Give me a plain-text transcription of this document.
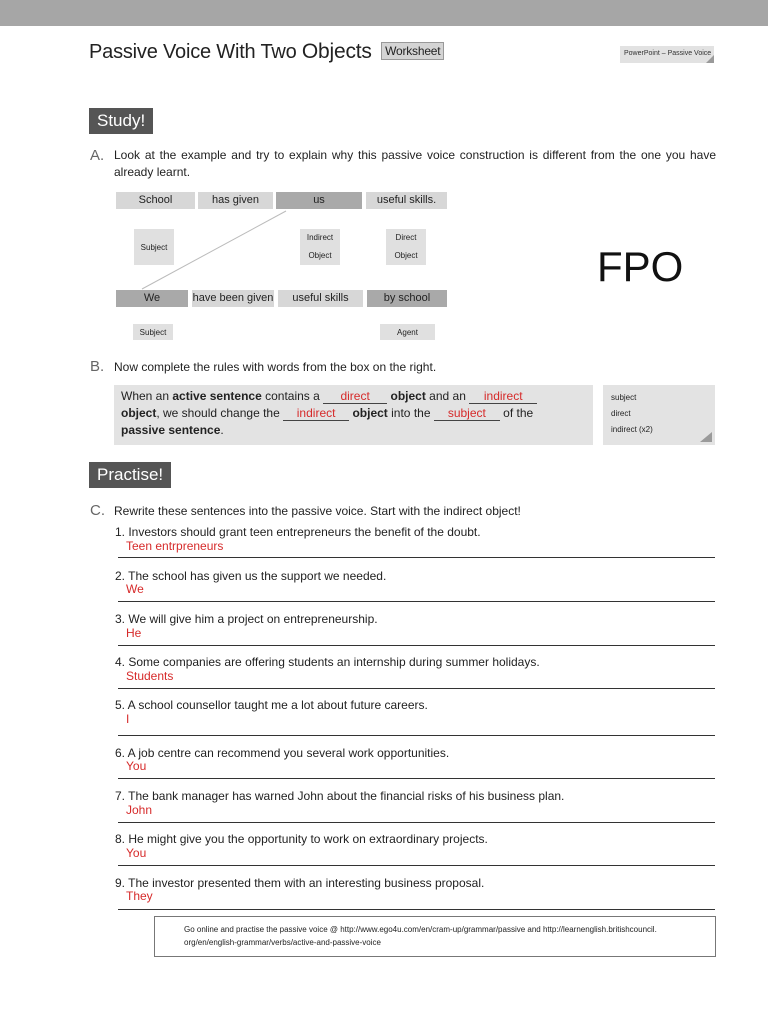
Passive Voice With Two Objects Worksheet	PowerPoint – Passive Voice
Study!
A. Look at the example and try to explain why this passive voice construction is different from the one you have already learnt.
School	has given	us	useful skills.
Subject
Indirect
Object
Direct
Object
We	have been given	useful skills	by school
Subject	Agent
FPO
B. Now complete the rules with words from the box on the right.
When an active sentence contains a direct object and an indirect
object, we should change the indirect object into the subject of the
passive sentence.
subject
direct
indirect (x2)
Practise!
C. Rewrite these sentences into the passive voice. Start with the indirect object!
1. Investors should grant teen entrepreneurs the benefit of the doubt.
Teen entrpreneurs
2. The school has given us the support we needed.
We
3. We will give him a project on entrepreneurship.
He
4. Some companies are offering students an internship during summer holidays.
Students
5. A school counsellor taught me a lot about future careers.
I
6. A job centre can recommend you several work opportunities.
You
7. The bank manager has warned John about the financial risks of his business plan.
John
8. He might give you the opportunity to work on extraordinary projects.
You
9. The investor presented them with an interesting business proposal.
They
Go online and practise the passive voice @ http://www.ego4u.com/en/cram-up/grammar/passive and http://learnenglish.britishcouncil.
org/en/english-grammar/verbs/active-and-passive-voice
